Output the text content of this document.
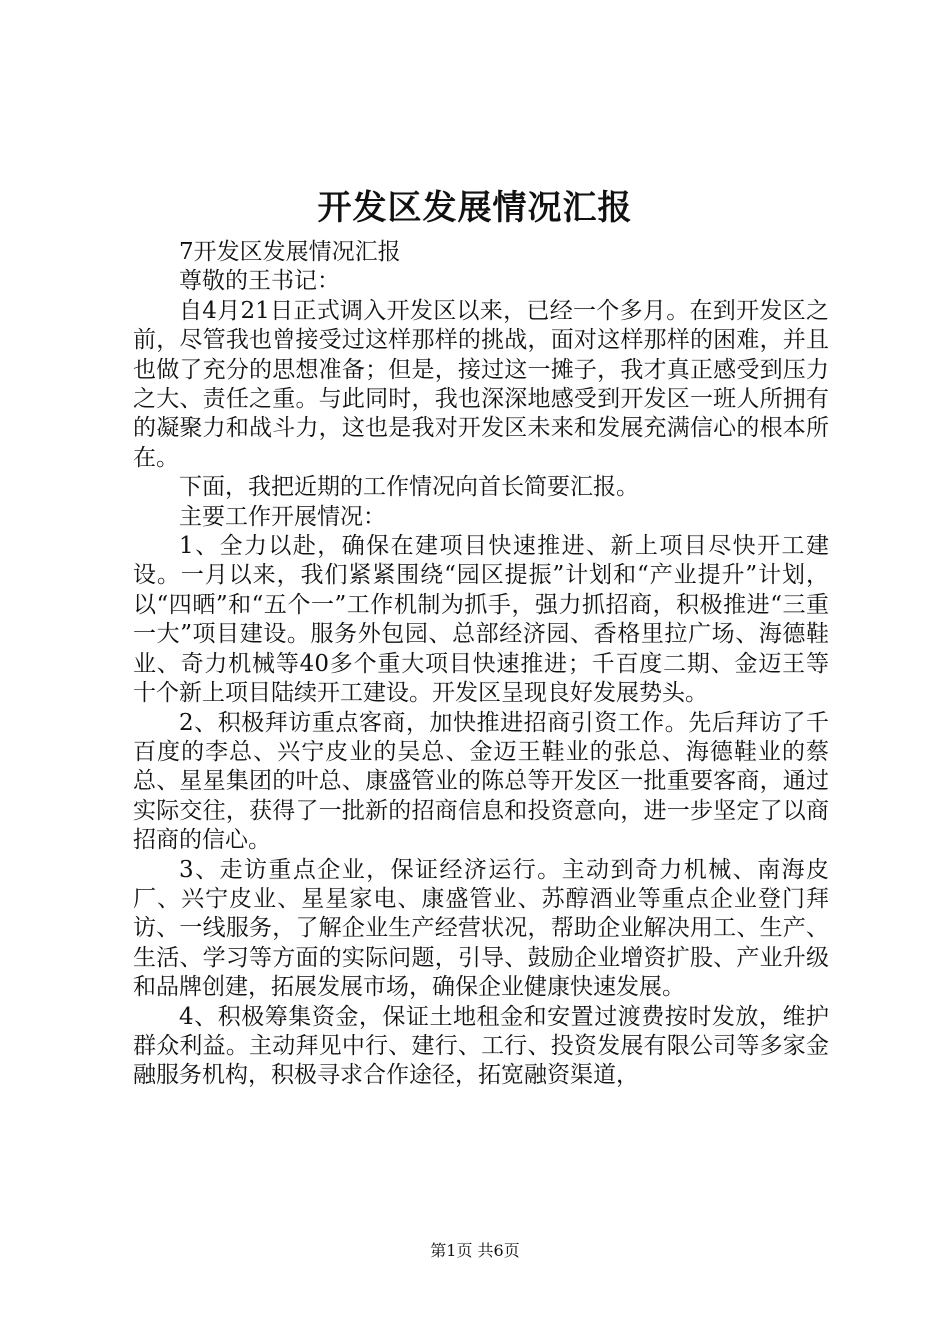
开发区发展情况汇报

7开发区发展情况汇报

尊敬的王书记：

自4月21日正式调入开发区以来，已经一个多月。在到开发区之前，尽管我也曾接受过这样那样的挑战，面对这样那样的困难，并且也做了充分的思想准备；但是，接过这一摊子，我才真正感受到压力之大、责任之重。与此同时，我也深深地感受到开发区一班人所拥有的凝聚力和战斗力，这也是我对开发区未来和发展充满信心的根本所在。

下面，我把近期的工作情况向首长简要汇报。

主要工作开展情况：

1、全力以赴，确保在建项目快速推进、新上项目尽快开工建设。一月以来，我们紧紧围绕“园区提振”计划和“产业提升”计划，以“四晒”和“五个一”工作机制为抓手，强力抓招商，积极推进“三重一大”项目建设。服务外包园、总部经济园、香格里拉广场、海德鞋业、奇力机械等40多个重大项目快速推进；千百度二期、金迈王等十个新上项目陆续开工建设。开发区呈现良好发展势头。

2、积极拜访重点客商，加快推进招商引资工作。先后拜访了千百度的李总、兴宁皮业的吴总、金迈王鞋业的张总、海德鞋业的蔡总、星星集团的叶总、康盛管业的陈总等开发区一批重要客商，通过实际交往，获得了一批新的招商信息和投资意向，进一步坚定了以商招商的信心。

3、走访重点企业，保证经济运行。主动到奇力机械、南海皮厂、兴宁皮业、星星家电、康盛管业、苏醇酒业等重点企业登门拜访、一线服务，了解企业生产经营状况，帮助企业解决用工、生产、生活、学习等方面的实际问题，引导、鼓励企业增资扩股、产业升级和品牌创建，拓展发展市场，确保企业健康快速发展。

4、积极筹集资金，保证土地租金和安置过渡费按时发放，维护群众利益。主动拜见中行、建行、工行、投资发展有限公司等多家金融服务机构，积极寻求合作途径，拓宽融资渠道，

第1页 共6页
